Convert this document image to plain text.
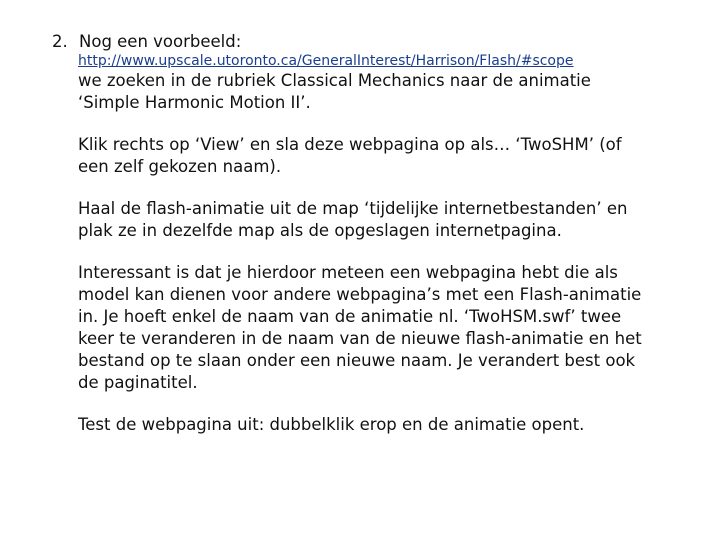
2. Nog een voorbeeld:
http://www.upscale.utoronto.ca/GeneralInterest/Harrison/Flash/#scope

we zoeken in de rubriek Classical Mechanics naar de animatie
‘Simple Harmonic Motion II’.

Klik rechts op ‘View’ en sla deze webpagina op als… ‘TwoSHM’ (of
een zelf gekozen naam).

Haal de flash-animatie uit de map ‘tijdelijke internetbestanden’ en
plak ze in dezelfde map als de opgeslagen internetpagina.

Interessant is dat je hierdoor meteen een webpagina hebt die als
model kan dienen voor andere webpagina’s met een Flash-animatie
in. Je hoeft enkel de naam van de animatie nl. ‘TwoHSM.swf’ twee
keer te veranderen in de naam van de nieuwe flash-animatie en het
bestand op te slaan onder een nieuwe naam. Je verandert best ook
de paginatitel.

Test de webpagina uit: dubbelklik erop en de animatie opent.
